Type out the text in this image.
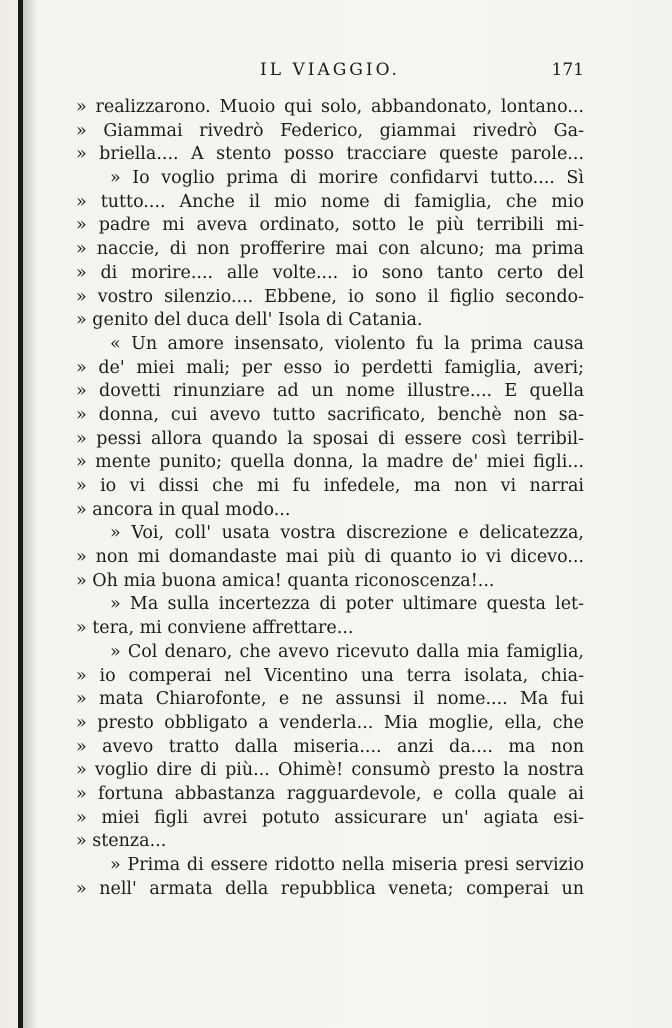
IL VIAGGIO.	171
» realizzarono. Muoio qui solo, abbandonato, lontano...
» Giammai rivedrò Federico, giammai rivedrò Ga-
» briella.... A stento posso tracciare queste parole...
» Io voglio prima di morire confidarvi tutto.... Sì
» tutto.... Anche il mio nome di famiglia, che mio
» padre mi aveva ordinato, sotto le più terribili mi-
» naccie, di non profferire mai con alcuno; ma prima
» di morire.... alle volte.... io sono tanto certo del
» vostro silenzio.... Ebbene, io sono il figlio secondo-
» genito del duca dell' Isola di Catania.
« Un amore insensato, violento fu la prima causa
» de' miei mali; per esso io perdetti famiglia, averi;
» dovetti rinunziare ad un nome illustre.... E quella
» donna, cui avevo tutto sacrificato, benchè non sa-
» pessi allora quando la sposai di essere così terribil-
» mente punito; quella donna, la madre de' miei figli...
» io vi dissi che mi fu infedele, ma non vi narrai
» ancora in qual modo...
» Voi, coll' usata vostra discrezione e delicatezza,
» non mi domandaste mai più di quanto io vi dicevo...
» Oh mia buona amica! quanta riconoscenza!...
» Ma sulla incertezza di poter ultimare questa let-
» tera, mi conviene affrettare...
» Col denaro, che avevo ricevuto dalla mia famiglia,
» io comperai nel Vicentino una terra isolata, chia-
» mata Chiarofonte, e ne assunsi il nome.... Ma fui
» presto obbligato a venderla... Mia moglie, ella, che
» avevo tratto dalla miseria.... anzi da.... ma non
» voglio dire di più... Ohimè! consumò presto la nostra
» fortuna abbastanza ragguardevole, e colla quale ai
» miei figli avrei potuto assicurare un' agiata esi-
» stenza...
» Prima di essere ridotto nella miseria presi servizio
» nell' armata della repubblica veneta; comperai un
